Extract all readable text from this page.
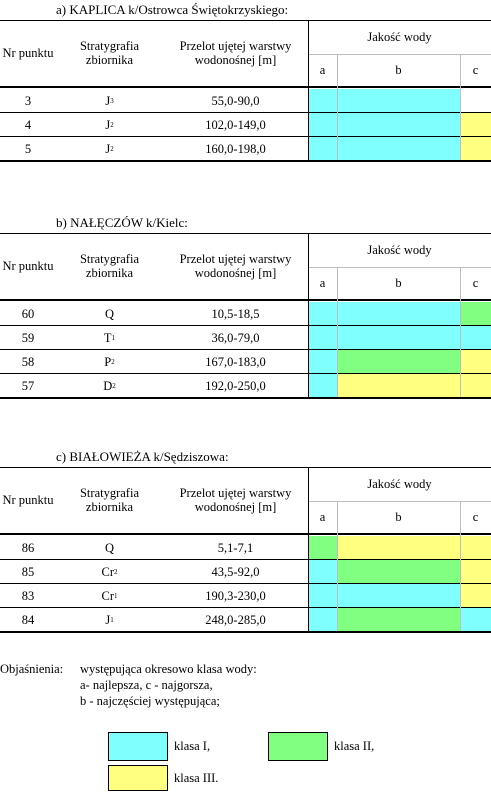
a) KAPLICA k/Ostrowca Świętokrzyskiego:
Nr punktu	Stratygrafia zbiornika
Przelot ujętej warstwy wodonośnej [m]
Jakość wody
a	b	c
3	J 3	55,0-90,0
4	J 2	102,0-149,0
5	J 2	160,0-198,0
b) NAŁĘCZÓW k/Kielc:
Nr punktu	Stratygrafia zbiornika
Przelot ujętej warstwy wodonośnej [m]
Jakość wody
a	b	c
60	Q	10,5-18,5
59	T 1	36,0-79,0
58	P 2	167,0-183,0
57	D 2	192,0-250,0
c) BIAŁOWIEŻA k/Sędziszowa:
Nr punktu	Stratygrafia zbiornika
Przelot ujętej warstwy wodonośnej [m]
Jakość wody
a	b	c
86	Q	5,1-7,1
85	Cr 2	43,5-92,0
83	Cr 1	190,3-230,0
84	J 1	248,0-285,0
Objaśnienia: występująca okresowo klasa wody:
a- najlepsza, c - najgorsza,
b - najczęściej występująca;
klasa I,	klasa II,
klasa III.
